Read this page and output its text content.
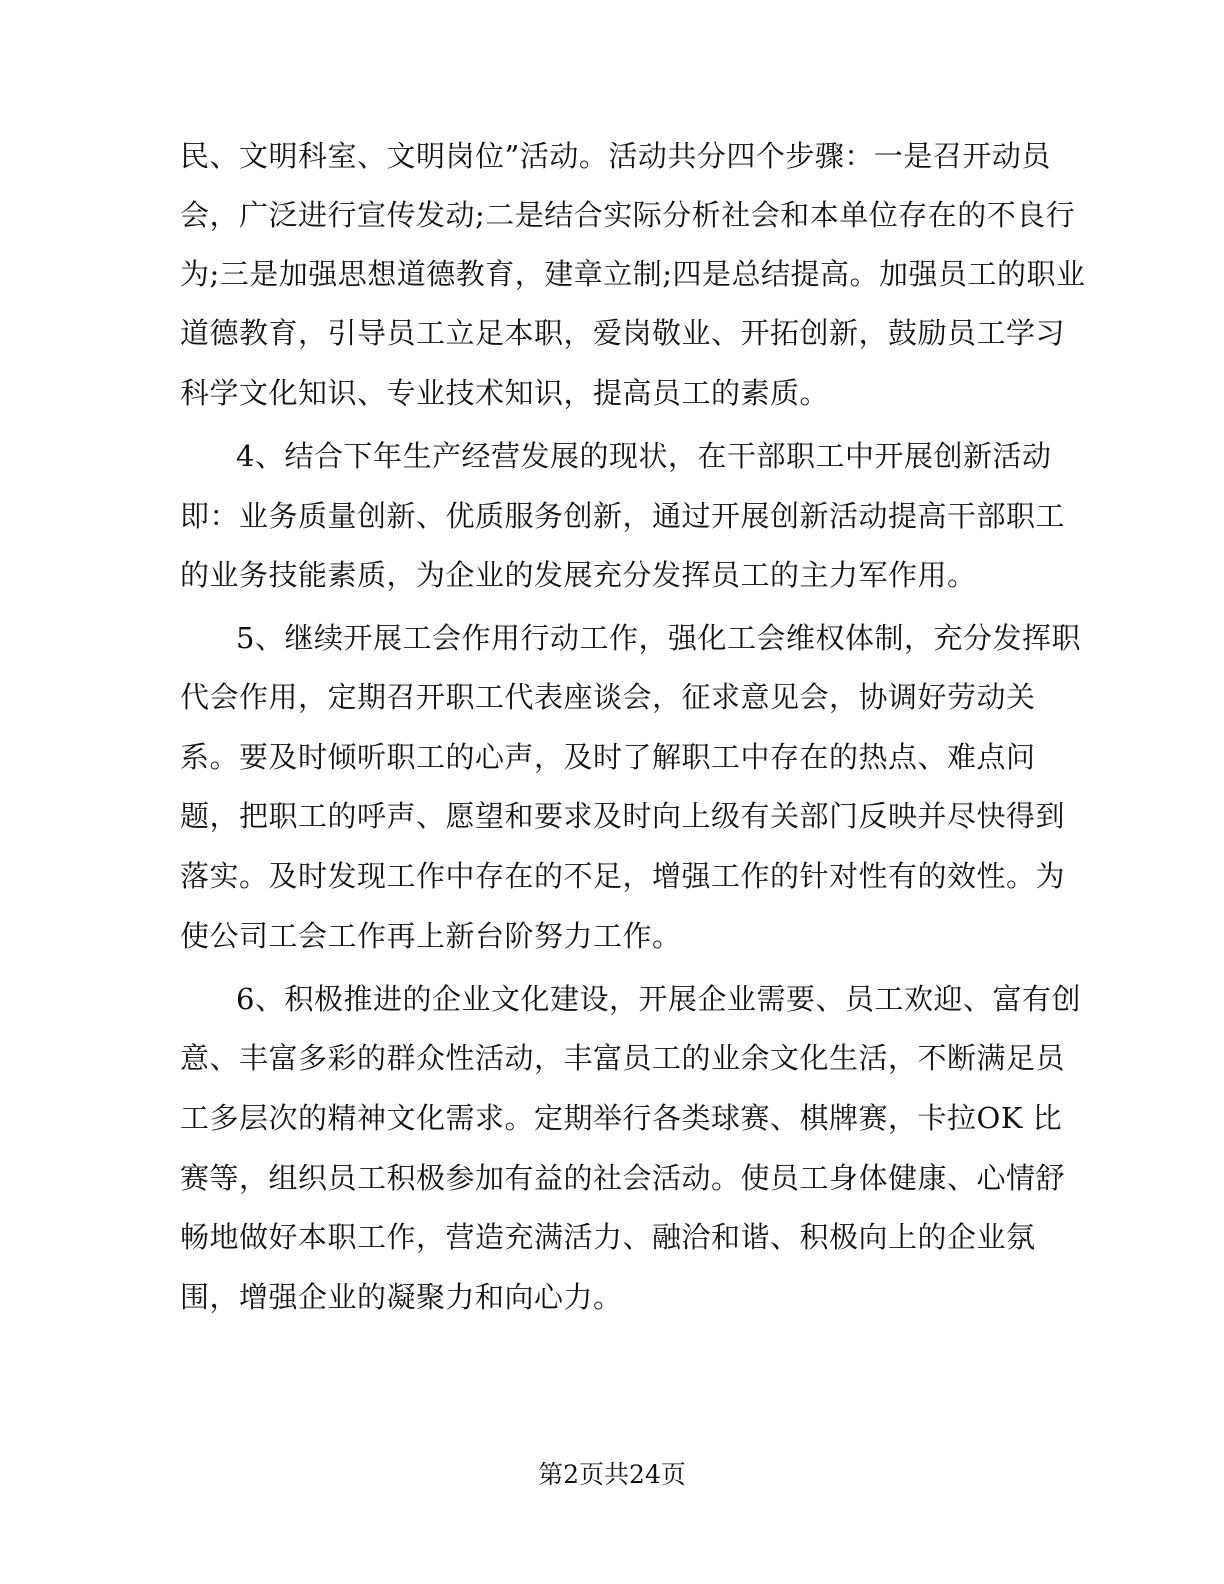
民、文明科室、文明岗位”活动。活动共分四个步骤：一是召开动员
会，广泛进行宣传发动;二是结合实际分析社会和本单位存在的不良行
为;三是加强思想道德教育，建章立制;四是总结提高。加强员工的职业
道德教育，引导员工立足本职，爱岗敬业、开拓创新，鼓励员工学习
科学文化知识、专业技术知识，提高员工的素质。
4、结合下年生产经营发展的现状，在干部职工中开展创新活动
即：业务质量创新、优质服务创新，通过开展创新活动提高干部职工
的业务技能素质，为企业的发展充分发挥员工的主力军作用。
5、继续开展工会作用行动工作，强化工会维权体制，充分发挥职
代会作用，定期召开职工代表座谈会，征求意见会，协调好劳动关
系。要及时倾听职工的心声，及时了解职工中存在的热点、难点问
题，把职工的呼声、愿望和要求及时向上级有关部门反映并尽快得到
落实。及时发现工作中存在的不足，增强工作的针对性有的效性。为
使公司工会工作再上新台阶努力工作。
6、积极推进的企业文化建设，开展企业需要、员工欢迎、富有创
意、丰富多彩的群众性活动，丰富员工的业余文化生活，不断满足员
工多层次的精神文化需求。定期举行各类球赛、棋牌赛，卡拉OK 比
赛等，组织员工积极参加有益的社会活动。使员工身体健康、心情舒
畅地做好本职工作，营造充满活力、融洽和谐、积极向上的企业氛
围，增强企业的凝聚力和向心力。
第2页共24页
